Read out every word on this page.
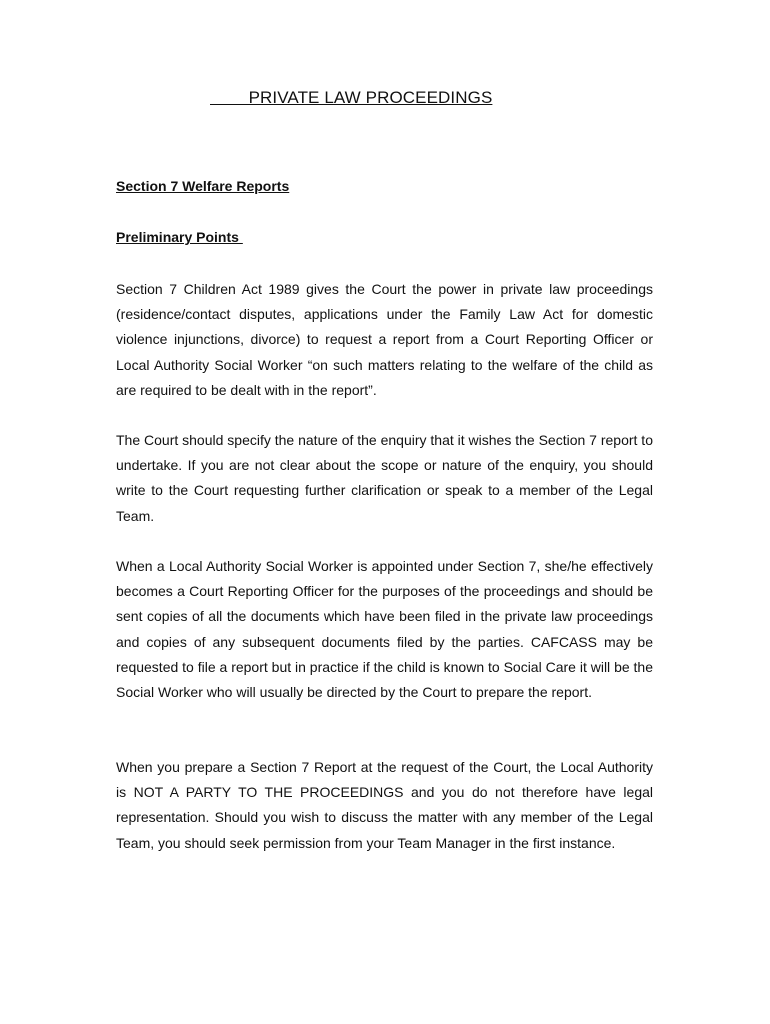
PRIVATE LAW PROCEEDINGS
Section 7 Welfare Reports
Preliminary Points

Section 7 Children Act 1989 gives the Court the power in private law proceedings (residence/contact disputes, applications under the Family Law Act for domestic violence injunctions, divorce) to request a report from a Court Reporting Officer or Local Authority Social Worker “on such matters relating to the welfare of the child as are required to be dealt with in the report”.

The Court should specify the nature of the enquiry that it wishes the Section 7 report to undertake. If you are not clear about the scope or nature of the enquiry, you should write to the Court requesting further clarification or speak to a member of the Legal Team.

When a Local Authority Social Worker is appointed under Section 7, she/he effectively becomes a Court Reporting Officer for the purposes of the proceedings and should be sent copies of all the documents which have been filed in the private law proceedings and copies of any subsequent documents filed by the parties. CAFCASS may be requested to file a report but in practice if the child is known to Social Care it will be the Social Worker who will usually be directed by the Court to prepare the report.

When you prepare a Section 7 Report at the request of the Court, the Local Authority is NOT A PARTY TO THE PROCEEDINGS and you do not therefore have legal representation. Should you wish to discuss the matter with any member of the Legal Team, you should seek permission from your Team Manager in the first instance.
